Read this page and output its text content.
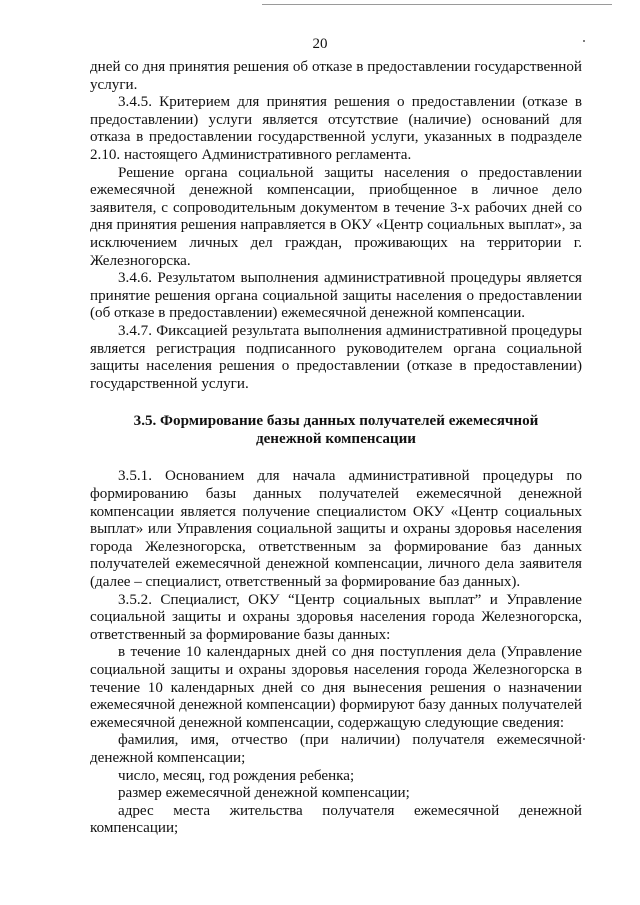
20

дней со дня принятия решения об отказе в предоставлении государственной услуги.

3.4.5. Критерием для принятия решения о предоставлении (отказе в предоставлении) услуги является отсутствие (наличие) оснований для отказа в предоставлении государственной услуги, указанных в подразделе 2.10. настоящего Административного регламента.

Решение органа социальной защиты населения о предоставлении ежемесячной денежной компенсации, приобщенное в личное дело заявителя, с сопроводительным документом в течение 3-х рабочих дней со дня принятия решения направляется в ОКУ «Центр социальных выплат», за исключением личных дел граждан, проживающих на территории г. Железногорска.

3.4.6. Результатом выполнения административной процедуры является принятие решения органа социальной защиты населения о предоставлении (об отказе в предоставлении) ежемесячной денежной компенсации.

3.4.7. Фиксацией результата выполнения административной процедуры является регистрация подписанного руководителем органа социальной защиты населения решения о предоставлении (отказе в предоставлении) государственной услуги.

3.5. Формирование базы данных получателей ежемесячной
денежной компенсации

3.5.1. Основанием для начала административной процедуры по формированию базы данных получателей ежемесячной денежной компенсации является получение специалистом ОКУ «Центр социальных выплат» или Управления социальной защиты и охраны здоровья населения города Железногорска, ответственным за формирование баз данных получателей ежемесячной денежной компенсации, личного дела заявителя (далее – специалист, ответственный за формирование баз данных).

3.5.2. Специалист, ОКУ “Центр социальных выплат” и Управление социальной защиты и охраны здоровья населения города Железногорска, ответственный за формирование базы данных:

в течение 10 календарных дней со дня поступления дела (Управление социальной защиты и охраны здоровья населения города Железногорска в течение 10 календарных дней со дня вынесения решения о назначении ежемесячной денежной компенсации) формируют базу данных получателей ежемесячной денежной компенсации, содержащую следующие сведения:

фамилия, имя, отчество (при наличии) получателя ежемесячной денежной компенсации;

число, месяц, год рождения ребенка;

размер ежемесячной денежной компенсации;

адрес места жительства получателя ежемесячной денежной компенсации;
